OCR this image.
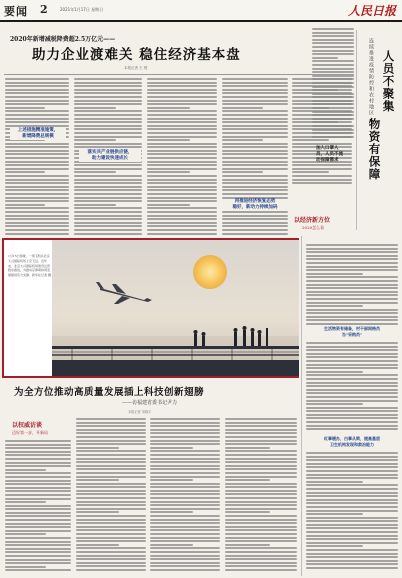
要闻 2	2021年1月17日 星期日	人民日报
2020年新增减税降费超2.5万亿元——
助力企业渡难关 稳住经济基本盘
本报记者 王 观
上述措施精准施策，
新增降费总规模
落实共产业链供应链，
助力建设快速成长
再推进经济恢复态势
稳好，新动力持续加码
以经济新方位
2020怎么看
1月15日傍晚，一架飞机从北京大兴国际机场上空飞过。近年来，北京大兴国际机场建设运营稳步推进，为推动京津冀协同发展提供有力支撑。新华社记者 摄
为全方位推动高质量发展插上科技创新翅膀
——访福建省委书记尹力
本报记者 刘晓宇
以权威访谈
迈好第一步，开新局
连续推进疫情防控和农村地区 人员不聚集
物资有保障
加入口罩人
员，人员不流
动保障需求
生活物资有储备，村干部网格员
当"采购员"
红事缓办，白事从简，提高基层
卫生机构发现和救治能力
